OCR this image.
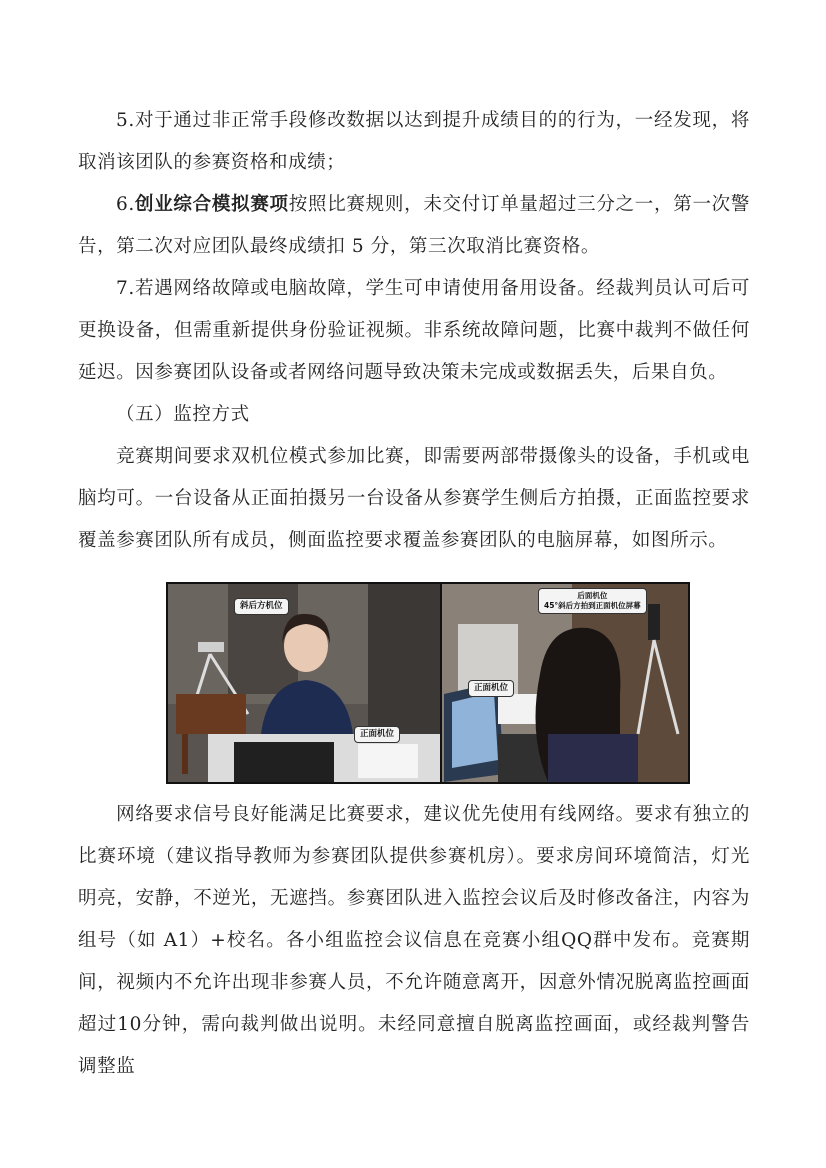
5.对于通过非正常手段修改数据以达到提升成绩目的的行为，一经发现，将取消该团队的参赛资格和成绩；

6.创业综合模拟赛项按照比赛规则，未交付订单量超过三分之一，第一次警告，第二次对应团队最终成绩扣 5 分，第三次取消比赛资格。

7.若遇网络故障或电脑故障，学生可申请使用备用设备。经裁判员认可后可更换设备，但需重新提供身份验证视频。非系统故障问题，比赛中裁判不做任何延迟。因参赛团队设备或者网络问题导致决策未完成或数据丢失，后果自负。

（五）监控方式

竞赛期间要求双机位模式参加比赛，即需要两部带摄像头的设备，手机或电脑均可。一台设备从正面拍摄另一台设备从参赛学生侧后方拍摄，正面监控要求覆盖参赛团队所有成员，侧面监控要求覆盖参赛团队的电脑屏幕，如图所示。

斜后方机位
正面机位
后面机位
45°斜后方拍到正面机位屏幕
正面机位

网络要求信号良好能满足比赛要求，建议优先使用有线网络。要求有独立的比赛环境（建议指导教师为参赛团队提供参赛机房）。要求房间环境简洁，灯光明亮，安静，不逆光，无遮挡。参赛团队进入监控会议后及时修改备注，内容为组号（如 A1）+校名。各小组监控会议信息在竞赛小组QQ群中发布。竞赛期间，视频内不允许出现非参赛人员，不允许随意离开，因意外情况脱离监控画面超过10分钟，需向裁判做出说明。未经同意擅自脱离监控画面，或经裁判警告调整监
